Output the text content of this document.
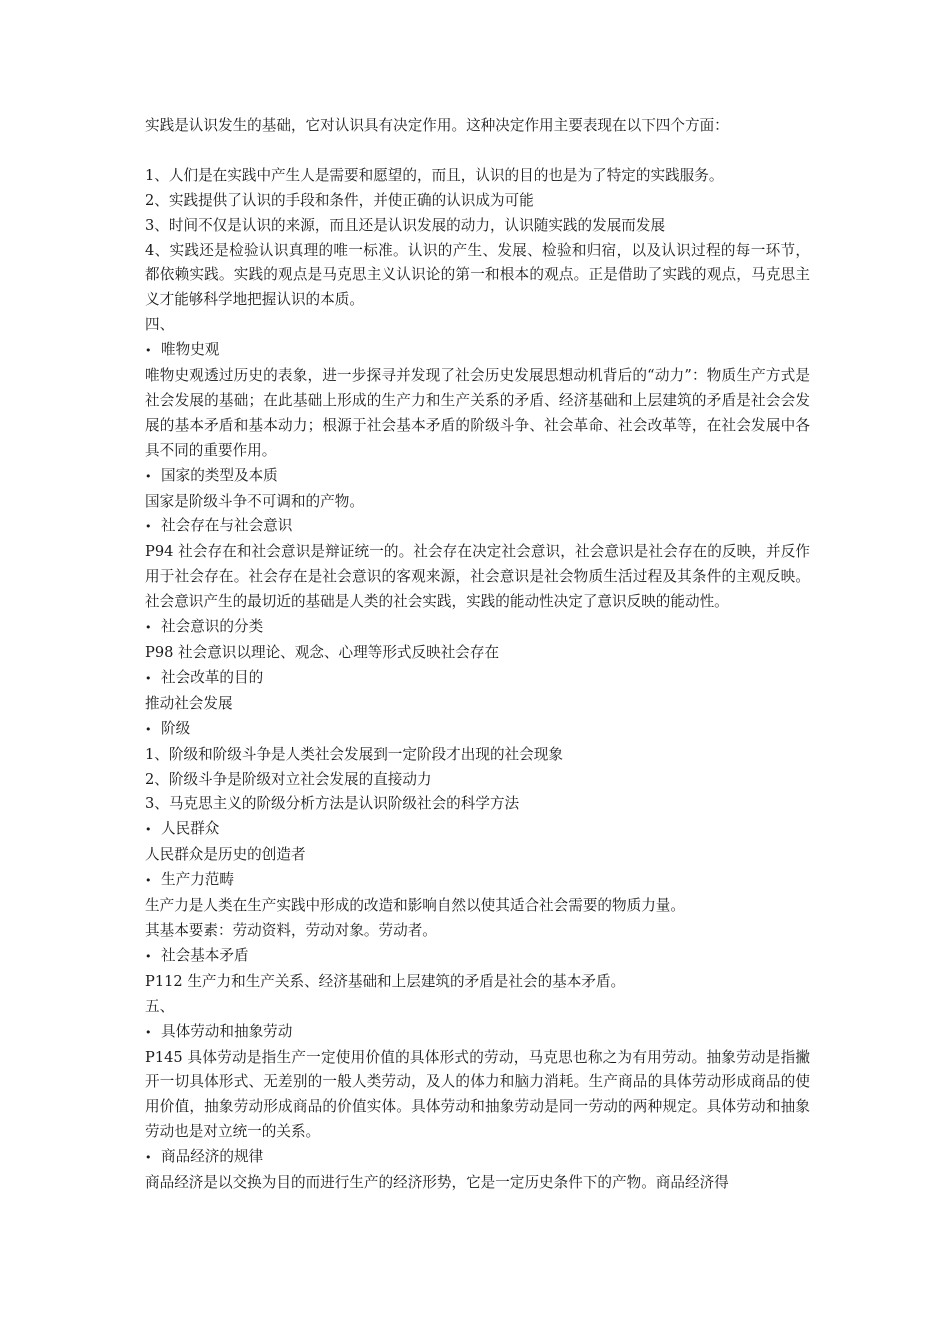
实践是认识发生的基础，它对认识具有决定作用。这种决定作用主要表现在以下四个方面：

1、人们是在实践中产生人是需要和愿望的，而且，认识的目的也是为了特定的实践服务。

2、实践提供了认识的手段和条件，并使正确的认识成为可能

3、时间不仅是认识的来源，而且还是认识发展的动力，认识随实践的发展而发展

4、实践还是检验认识真理的唯一标准。认识的产生、发展、检验和归宿，以及认识过程的每一环节，都依赖实践。实践的观点是马克思主义认识论的第一和根本的观点。正是借助了实践的观点，马克思主义才能够科学地把握认识的本质。

四、

•
唯物史观

唯物史观透过历史的表象，进一步探寻并发现了社会历史发展思想动机背后的“动力”：物质生产方式是社会发展的基础；在此基础上形成的生产力和生产关系的矛盾、经济基础和上层建筑的矛盾是社会会发展的基本矛盾和基本动力；根源于社会基本矛盾的阶级斗争、社会革命、社会改革等，在社会发展中各具不同的重要作用。

•
国家的类型及本质

国家是阶级斗争不可调和的产物。

•
社会存在与社会意识

P94 社会存在和社会意识是辩证统一的。社会存在决定社会意识，社会意识是社会存在的反映，并反作用于社会存在。社会存在是社会意识的客观来源，社会意识是社会物质生活过程及其条件的主观反映。社会意识产生的最切近的基础是人类的社会实践，实践的能动性决定了意识反映的能动性。

•
社会意识的分类

P98 社会意识以理论、观念、心理等形式反映社会存在

•
社会改革的目的

推动社会发展

•
阶级

1、阶级和阶级斗争是人类社会发展到一定阶段才出现的社会现象

2、阶级斗争是阶级对立社会发展的直接动力

3、马克思主义的阶级分析方法是认识阶级社会的科学方法

•
人民群众

人民群众是历史的创造者

•
生产力范畴

生产力是人类在生产实践中形成的改造和影响自然以使其适合社会需要的物质力量。

其基本要素：劳动资料，劳动对象。劳动者。

•
社会基本矛盾

P112 生产力和生产关系、经济基础和上层建筑的矛盾是社会的基本矛盾。

五、

•
具体劳动和抽象劳动

P145 具体劳动是指生产一定使用价值的具体形式的劳动，马克思也称之为有用劳动。抽象劳动是指撇开一切具体形式、无差别的一般人类劳动，及人的体力和脑力消耗。生产商品的具体劳动形成商品的使用价值，抽象劳动形成商品的价值实体。具体劳动和抽象劳动是同一劳动的两种规定。具体劳动和抽象劳动也是对立统一的关系。

•
商品经济的规律

商品经济是以交换为目的而进行生产的经济形势，它是一定历史条件下的产物。商品经济得
